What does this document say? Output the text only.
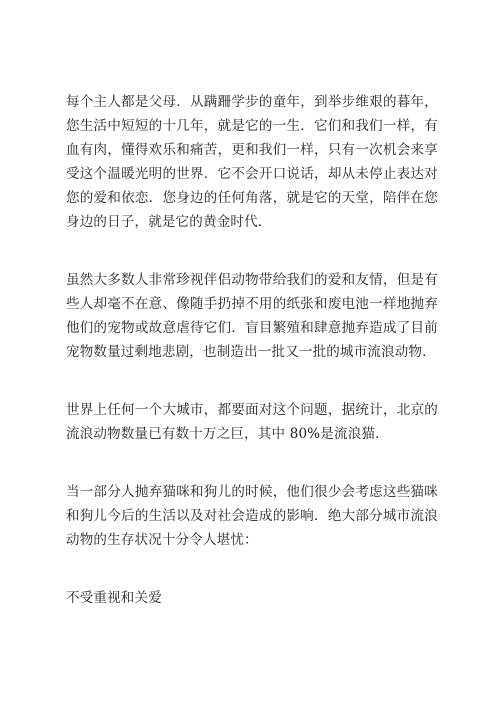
每个主人都是父母．从蹒跚学步的童年，到举步维艰的暮年，您生活中短短的十几年，就是它的一生．它们和我们一样，有血有肉，懂得欢乐和痛苦，更和我们一样，只有一次机会来享受这个温暖光明的世界．它不会开口说话，却从未停止表达对您的爱和依恋．您身边的任何角落，就是它的天堂，陪伴在您身边的日子，就是它的黄金时代．

虽然大多数人非常珍视伴侣动物带给我们的爱和友情，但是有些人却毫不在意、像随手扔掉不用的纸张和废电池一样地抛弃他们的宠物或故意虐待它们．盲目繁殖和肆意抛弃造成了目前宠物数量过剩地悲剧，也制造出一批又一批的城市流浪动物．

世界上任何一个大城市，都要面对这个问题，据统计，北京的流浪动物数量已有数十万之巨，其中 80%是流浪猫．

当一部分人抛弃猫咪和狗儿的时候，他们很少会考虑这些猫咪和狗儿今后的生活以及对社会造成的影响．绝大部分城市流浪动物的生存状况十分令人堪忧：

不受重视和关爱
